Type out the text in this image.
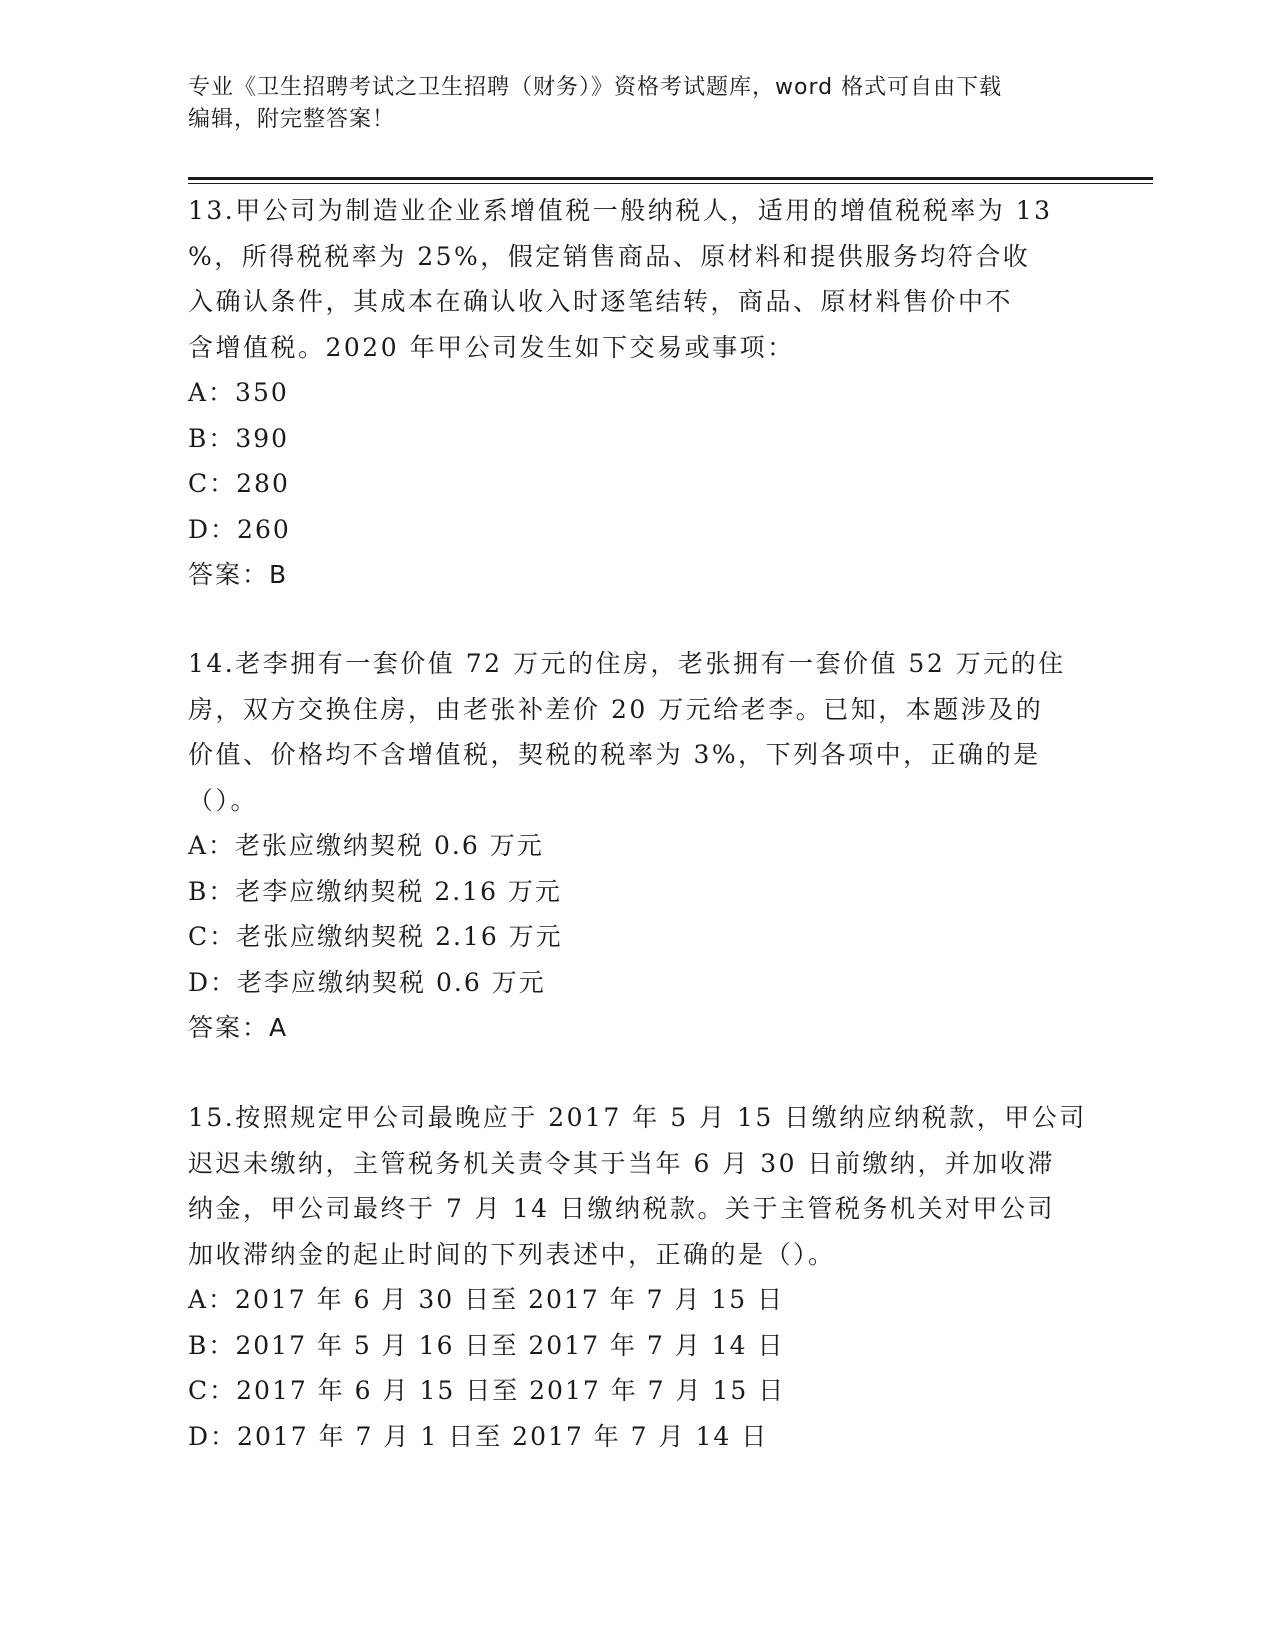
专业《卫生招聘考试之卫生招聘（财务）》资格考试题库，word 格式可自由下载
编辑，附完整答案！

13.甲公司为制造业企业系增值税一般纳税人，适用的增值税税率为 13

%，所得税税率为 25%，假定销售商品、原材料和提供服务均符合收

入确认条件，其成本在确认收入时逐笔结转，商品、原材料售价中不

含增值税。2020 年甲公司发生如下交易或事项：

A：350

B：390

C：280

D：260

答案：B

14.老李拥有一套价值 72 万元的住房，老张拥有一套价值 52 万元的住

房，双方交换住房，由老张补差价 20 万元给老李。已知，本题涉及的

价值、价格均不含增值税，契税的税率为 3%，下列各项中，正确的是

（）。

A：老张应缴纳契税 0.6 万元

B：老李应缴纳契税 2.16 万元

C：老张应缴纳契税 2.16 万元

D：老李应缴纳契税 0.6 万元

答案：A

15.按照规定甲公司最晚应于 2017 年 5 月 15 日缴纳应纳税款，甲公司

迟迟未缴纳，主管税务机关责令其于当年 6 月 30 日前缴纳，并加收滞

纳金，甲公司最终于 7 月 14 日缴纳税款。关于主管税务机关对甲公司

加收滞纳金的起止时间的下列表述中，正确的是（）。

A：2017 年 6 月 30 日至 2017 年 7 月 15 日

B：2017 年 5 月 16 日至 2017 年 7 月 14 日

C：2017 年 6 月 15 日至 2017 年 7 月 15 日

D：2017 年 7 月 1 日至 2017 年 7 月 14 日
